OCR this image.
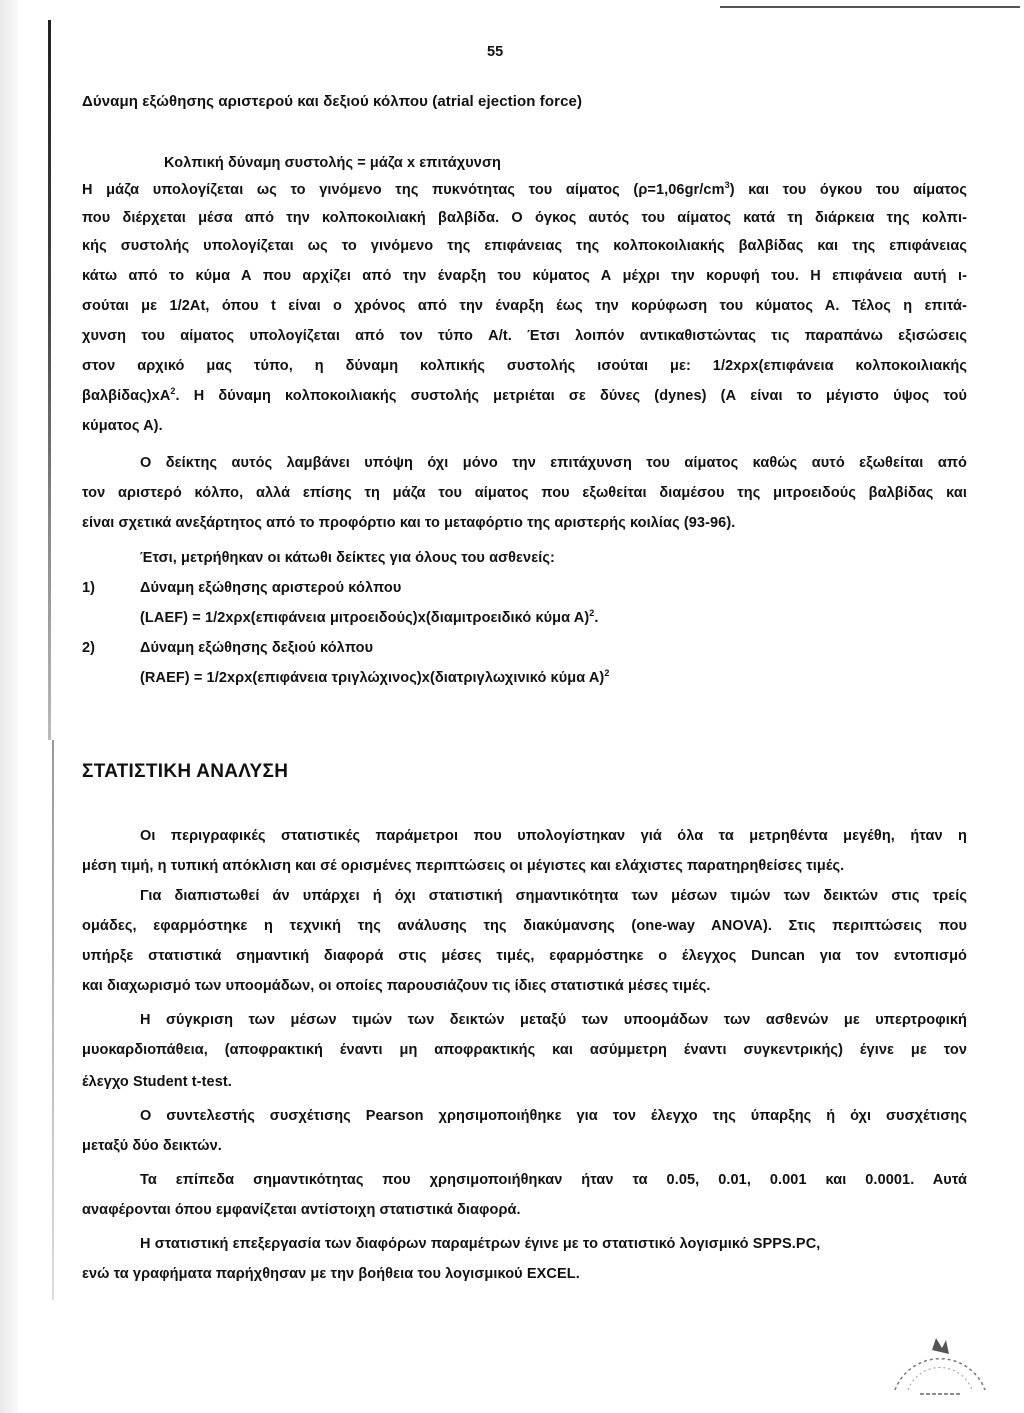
55
Δύναμη εξώθησης αριστερού και δεξιού κόλπου (atrial ejection force)
Κολπική δύναμη συστολής = μάζα x επιτάχυνση
Η μάζα υπολογίζεται ως το γινόμενο της πυκνότητας του αίματος $(\rho=1,06gr/cm^3)$ και του όγκου του αίματος
που διέρχεται μέσα από την κολποκοιλιακή βαλβίδα. Ο όγκος αυτός του αίματος κατά τη διάρκεια της κολπι-
κής συστολής υπολογίζεται ως το γινόμενο της επιφάνειας της κολποκοιλιακής βαλβίδας και της επιφάνειας
κάτω από το κύμα Α που αρχίζει από την έναρξη του κύματος Α μέχρι την κορυφή του. Η επιφάνεια αυτή ι-
σούται με 1/2At, όπου t είναι ο χρόνος από την έναρξη έως την κορύφωση του κύματος Α. Τέλος η επιτά-
χυνση του αίματος υπολογίζεται από τον τύπο A/t. Έτσι λοιπόν αντικαθιστώντας τις παραπάνω εξισώσεις
στον αρχικό μας τύπο, η δύναμη κολπικής συστολής ισούται με: 1/2xρx(επιφάνεια κολποκοιλιακής
$\beta\alpha\lambda\beta ί\delta\alpha\varsigma)xA^2$. Η δύναμη κολποκοιλιακής συστολής μετριέται σε δύνες (dynes) (Α είναι το μέγιστο ύψος τού
κύματος Α).
Ο δείκτης αυτός λαμβάνει υπόψη όχι μόνο την επιτάχυνση του αίματος καθώς αυτό εξωθείται από
τον αριστερό κόλπο, αλλά επίσης τη μάζα του αίματος που εξωθείται διαμέσου της μιτροειδούς βαλβίδας και
είναι σχετικά ανεξάρτητος από το προφόρτιο και το μεταφόρτιο της αριστερής κοιλίας (93-96).
Έτσι, μετρήθηκαν οι κάτωθι δείκτες για όλους του ασθενείς:
1)	Δύναμη εξώθησης αριστερού κόλπου
(LAEF) = 1/2xρx(επιφάνεια μιτροειδούς)x(διαμιτροειδικό κύμα Α)$^2$.
2)	Δύναμη εξώθησης δεξιού κόλπου
(RAEF) = 1/2xρx(επιφάνεια τριγλώχινος)x(διατριγλωχινικό κύμα Α)$^2$
ΣΤΑΤΙΣΤΙΚΗ ΑΝΑΛΥΣΗ
Οι περιγραφικές στατιστικές παράμετροι που υπολογίστηκαν γιά όλα τα μετρηθέντα μεγέθη, ήταν η
μέση τιμή, η τυπική απόκλιση και σέ ορισμένες περιπτώσεις οι μέγιστες και ελάχιστες παρατηρηθείσες τιμές.
Για διαπιστωθεί άν υπάρχει ή όχι στατιστική σημαντικότητα των μέσων τιμών των δεικτών στις τρείς
ομάδες, εφαρμόστηκε η τεχνική της ανάλυσης της διακύμανσης (one-way ANOVA). Στις περιπτώσεις που
υπήρξε στατιστικά σημαντική διαφορά στις μέσες τιμές, εφαρμόστηκε ο έλεγχος Duncan για τον εντοπισμό
και διαχωρισμό των υποομάδων, οι οποίες παρουσιάζουν τις ίδιες στατιστικά μέσες τιμές.
Η σύγκριση των μέσων τιμών των δεικτών μεταξύ των υποομάδων των ασθενών με υπερτροφική
μυοκαρδιοπάθεια, (αποφρακτική έναντι μη αποφρακτικής και ασύμμετρη έναντι συγκεντρικής) έγινε με τον
έλεγχο Student t-test.
Ο συντελεστής συσχέτισης Pearson χρησιμοποιήθηκε για τον έλεγχο της ύπαρξης ή όχι συσχέτισης
μεταξύ δύο δεικτών.
Τα επίπεδα σημαντικότητας που χρησιμοποιήθηκαν ήταν τα 0.05, 0.01, 0.001 και 0.0001. Αυτά
αναφέρονται όπου εμφανίζεται αντίστοιχη στατιστικά διαφορά.
Η στατιστική επεξεργασία των διαφόρων παραμέτρων έγινε με το στατιστικό λογισμικό SPPS.PC,
ενώ τα γραφήματα παρήχθησαν με την βοήθεια του λογισμικού EXCEL.
